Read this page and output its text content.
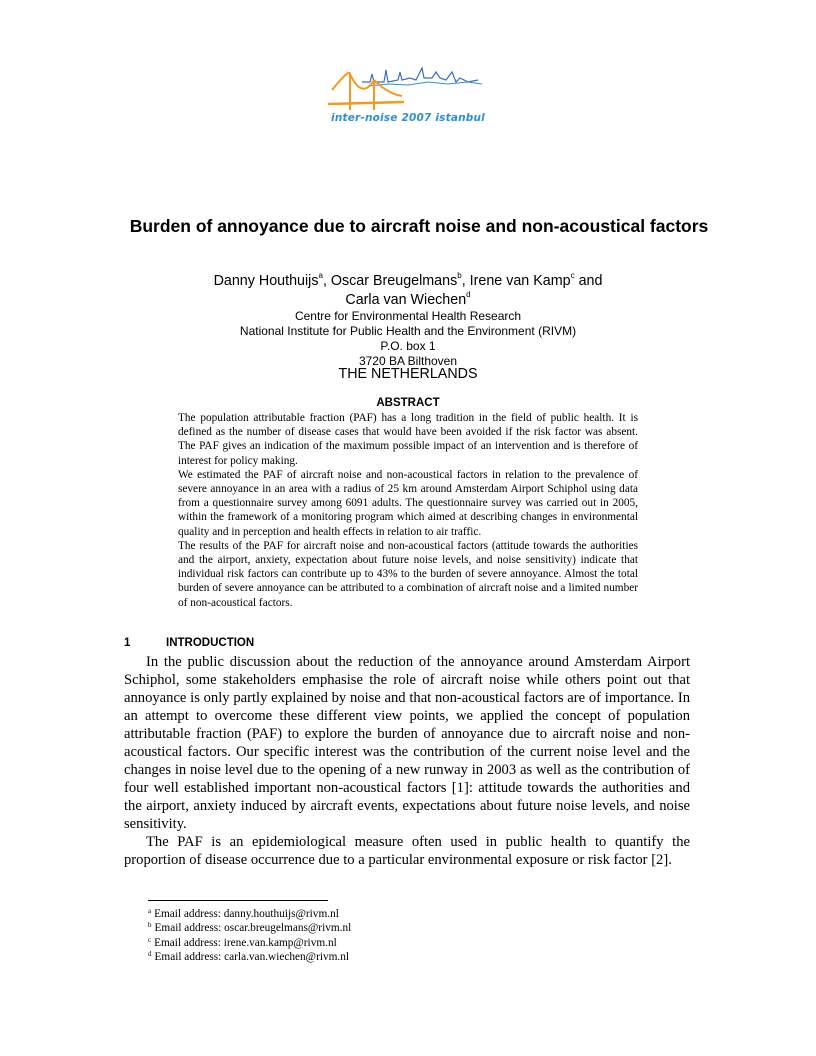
inter-noise 2007 istanbul
Burden of annoyance due to aircraft noise and non-acoustical factors
Danny Houthuijs$^a$, Oscar Breugelmans$^b$, Irene van Kamp$^c$ and
Carla van Wiechen$^d$
Centre for Environmental Health Research
National Institute for Public Health and the Environment (RIVM)
P.O. box 1
3720 BA Bilthoven
THE NETHERLANDS
ABSTRACT

The population attributable fraction (PAF) has a long tradition in the field of public health. It is defined as the number of disease cases that would have been avoided if the risk factor was absent. The PAF gives an indication of the maximum possible impact of an intervention and is therefore of interest for policy making.

We estimated the PAF of aircraft noise and non-acoustical factors in relation to the prevalence of severe annoyance in an area with a radius of 25 km around Amsterdam Airport Schiphol using data from a questionnaire survey among 6091 adults. The questionnaire survey was carried out in 2005, within the framework of a monitoring program which aimed at describing changes in environmental quality and in perception and health effects in relation to air traffic.

The results of the PAF for aircraft noise and non-acoustical factors (attitude towards the authorities and the airport, anxiety, expectation about future noise levels, and noise sensitivity) indicate that individual risk factors can contribute up to 43% to the burden of severe annoyance. Almost the total burden of severe annoyance can be attributed to a combination of aircraft noise and a limited number of non-acoustical factors.

1	INTRODUCTION

In the public discussion about the reduction of the annoyance around Amsterdam Airport Schiphol, some stakeholders emphasise the role of aircraft noise while others point out that annoyance is only partly explained by noise and that non-acoustical factors are of importance. In an attempt to overcome these different view points, we applied the concept of population attributable fraction (PAF) to explore the burden of annoyance due to aircraft noise and non-acoustical factors. Our specific interest was the contribution of the current noise level and the changes in noise level due to the opening of a new runway in 2003 as well as the contribution of four well established important non-acoustical factors [1]: attitude towards the authorities and the airport, anxiety induced by aircraft events, expectations about future noise levels, and noise sensitivity.

The PAF is an epidemiological measure often used in public health to quantify the proportion of disease occurrence due to a particular environmental exposure or risk factor [2].

$^a$ Email address: danny.houthuijs@rivm.nl
$^b$ Email address: oscar.breugelmans@rivm.nl
$^c$ Email address: irene.van.kamp@rivm.nl
$^d$ Email address: carla.van.wiechen@rivm.nl
